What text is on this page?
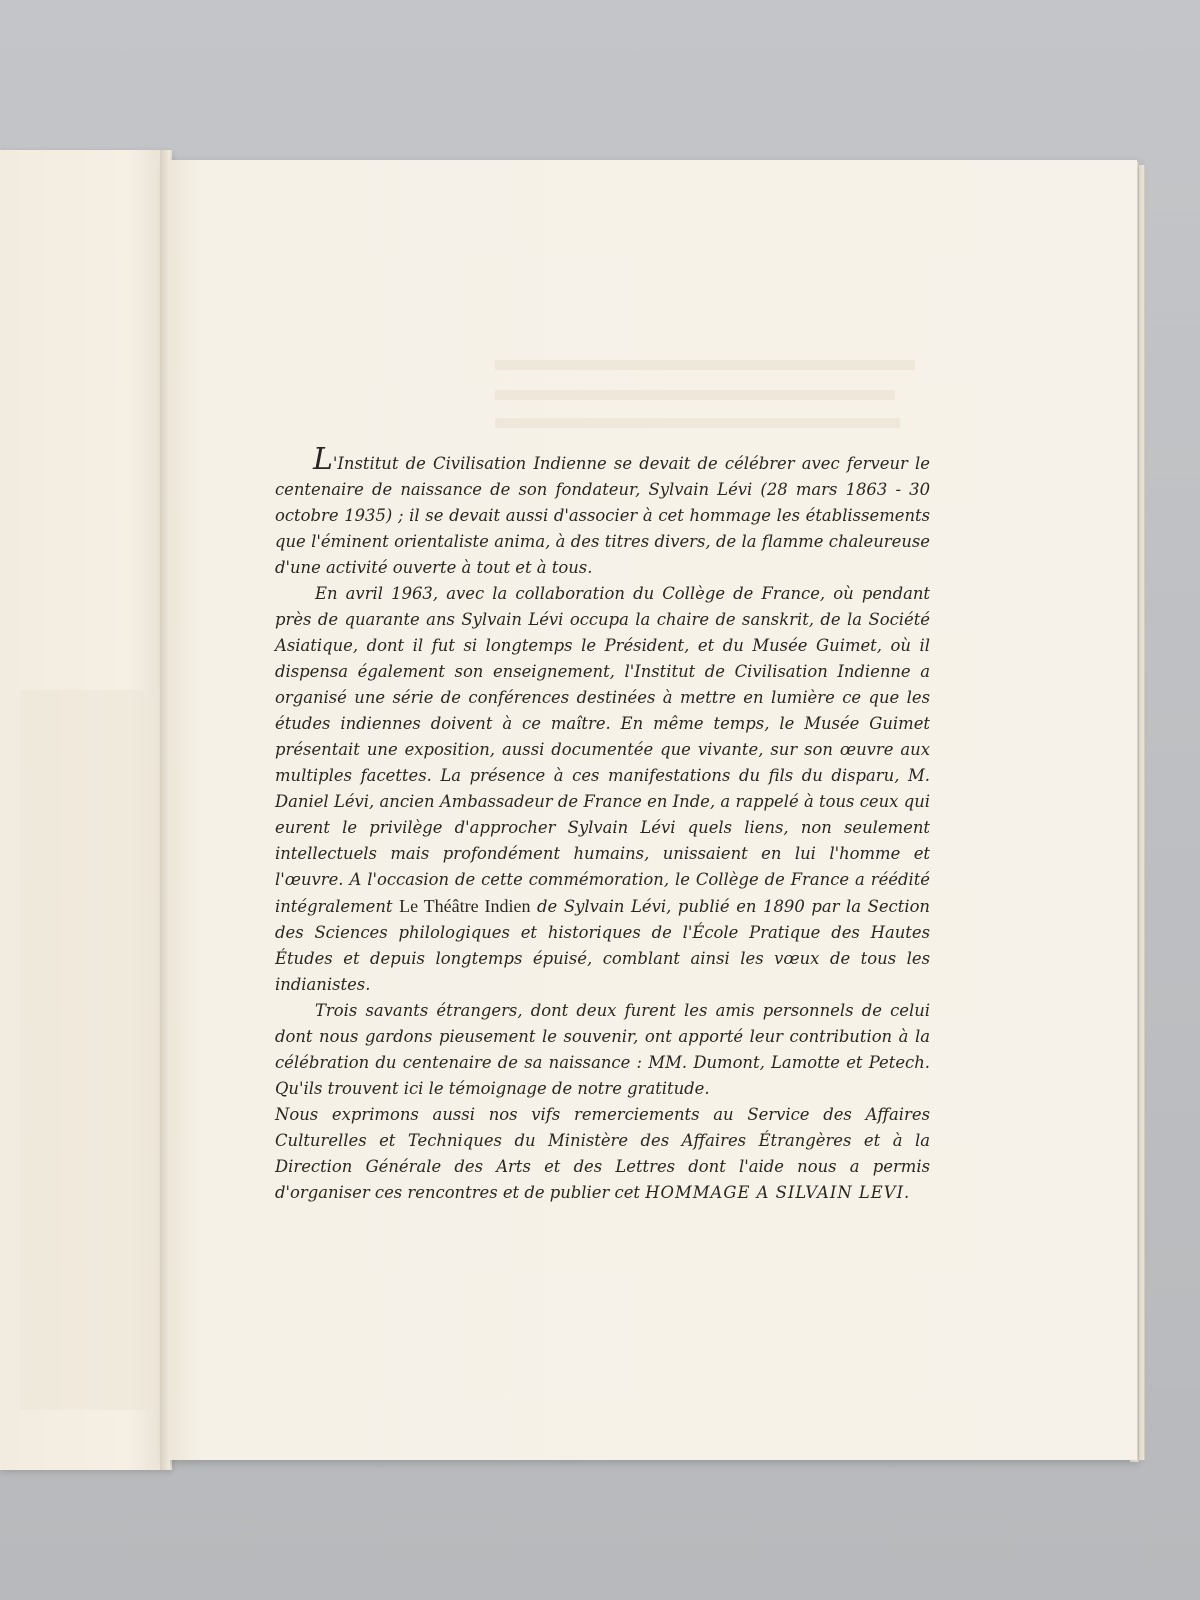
L'Institut de Civilisation Indienne se devait de célébrer avec ferveur le centenaire de naissance de son fondateur, Sylvain Lévi (28 mars 1863 - 30 octobre 1935) ; il se devait aussi d'associer à cet hommage les établissements que l'éminent orientaliste anima, à des titres divers, de la flamme chaleureuse d'une activité ouverte à tout et à tous.

En avril 1963, avec la collaboration du Collège de France, où pendant près de quarante ans Sylvain Lévi occupa la chaire de sanskrit, de la Société Asiatique, dont il fut si longtemps le Président, et du Musée Guimet, où il dispensa également son enseignement, l'Institut de Civilisation Indienne a organisé une série de conférences destinées à mettre en lumière ce que les études indiennes doivent à ce maître. En même temps, le Musée Guimet présentait une exposition, aussi documentée que vivante, sur son œuvre aux multiples facettes. La présence à ces manifestations du fils du disparu, M. Daniel Lévi, ancien Ambassadeur de France en Inde, a rappelé à tous ceux qui eurent le privilège d'approcher Sylvain Lévi quels liens, non seulement intellectuels mais profondément humains, unissaient en lui l'homme et l'œuvre. A l'occasion de cette commémoration, le Collège de France a réédité intégralement Le Théâtre Indien de Sylvain Lévi, publié en 1890 par la Section des Sciences philologiques et historiques de l'École Pratique des Hautes Études et depuis longtemps épuisé, comblant ainsi les vœux de tous les indianistes.

Trois savants étrangers, dont deux furent les amis personnels de celui dont nous gardons pieusement le souvenir, ont apporté leur contribution à la célébration du centenaire de sa naissance : MM. Dumont, Lamotte et Petech. Qu'ils trouvent ici le témoignage de notre gratitude.

Nous exprimons aussi nos vifs remerciements au Service des Affaires Culturelles et Techniques du Ministère des Affaires Étrangères et à la Direction Générale des Arts et des Lettres dont l'aide nous a permis d'organiser ces rencontres et de publier cet HOMMAGE A SILVAIN LEVI.
